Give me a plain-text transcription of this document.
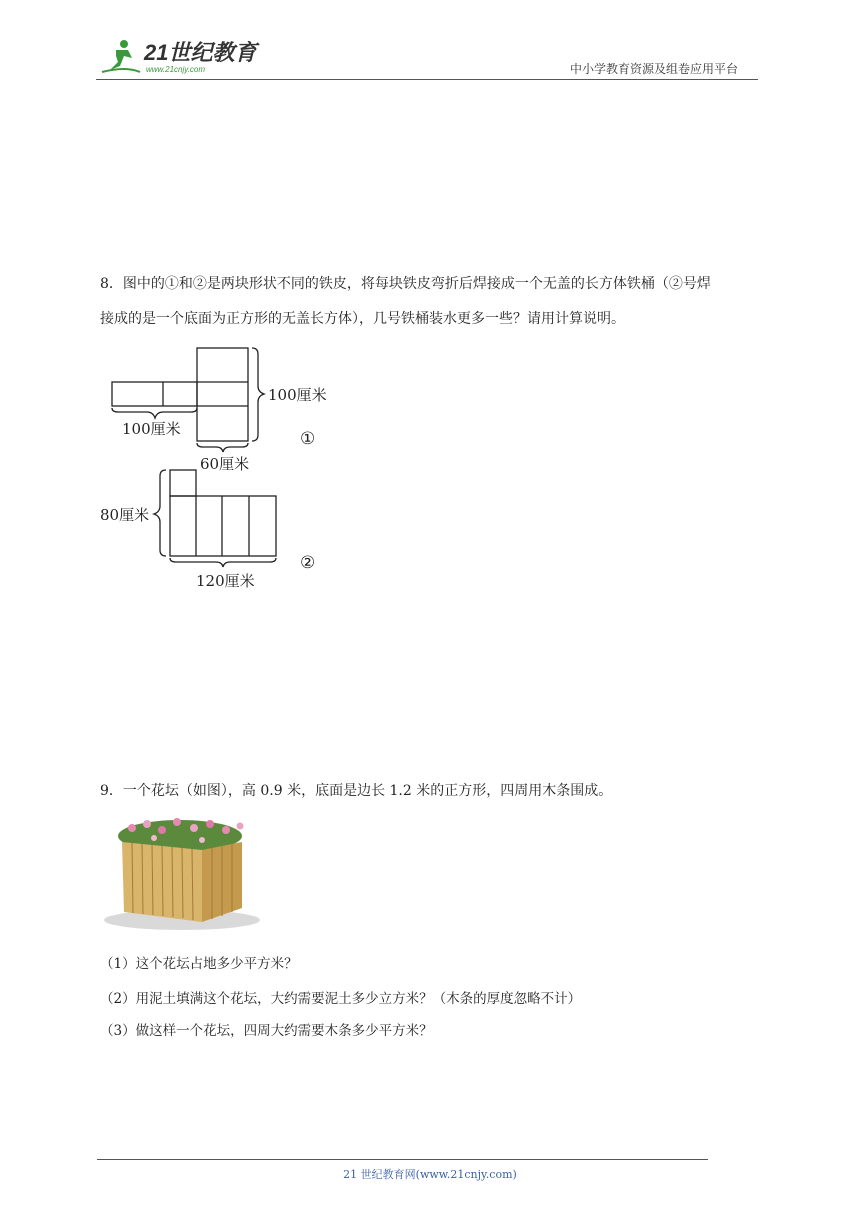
21世纪教育
www.21cnjy.com	中小学教育资源及组卷应用平台
8．图中的①和②是两块形状不同的铁皮，将每块铁皮弯折后焊接成一个无盖的长方体铁桶（②号焊
接成的是一个底面为正方形的无盖长方体），几号铁桶装水更多一些？请用计算说明。
100厘米
100厘米	①
60厘米
80厘米
②
120厘米
9．一个花坛（如图），高 0.9 米，底面是边长 1.2 米的正方形，四周用木条围成。
（1）这个花坛占地多少平方米？
（2）用泥土填满这个花坛，大约需要泥土多少立方米？（木条的厚度忽略不计）
（3）做这样一个花坛，四周大约需要木条多少平方米？
21 世纪教育网(www.21cnjy.com)
